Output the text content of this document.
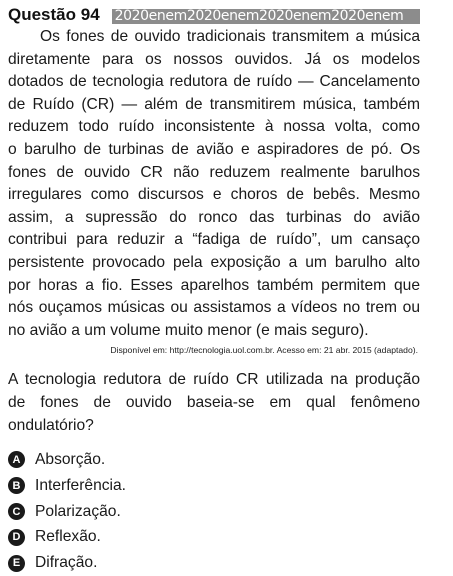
Questão 94 2020enem2020enem2020enem2020enem
Os fones de ouvido tradicionais transmitem a música
diretamente para os nossos ouvidos. Já os modelos
dotados de tecnologia redutora de ruído — Cancelamento
de Ruído (CR) — além de transmitirem música, também
reduzem todo ruído inconsistente à nossa volta, como
o barulho de turbinas de avião e aspiradores de pó. Os
fones de ouvido CR não reduzem realmente barulhos
irregulares como discursos e choros de bebês. Mesmo
assim, a supressão do ronco das turbinas do avião
contribui para reduzir a “fadiga de ruído”, um cansaço
persistente provocado pela exposição a um barulho alto
por horas a fio. Esses aparelhos também permitem que
nós ouçamos músicas ou assistamos a vídeos no trem ou
no avião a um volume muito menor (e mais seguro).
Disponível em: http://tecnologia.uol.com.br. Acesso em: 21 abr. 2015 (adaptado).
A tecnologia redutora de ruído CR utilizada na produção
de fones de ouvido baseia-se em qual fenômeno
ondulatório?
A Absorção.
B Interferência.
C Polarização.
D Reflexão.
E Difração.
